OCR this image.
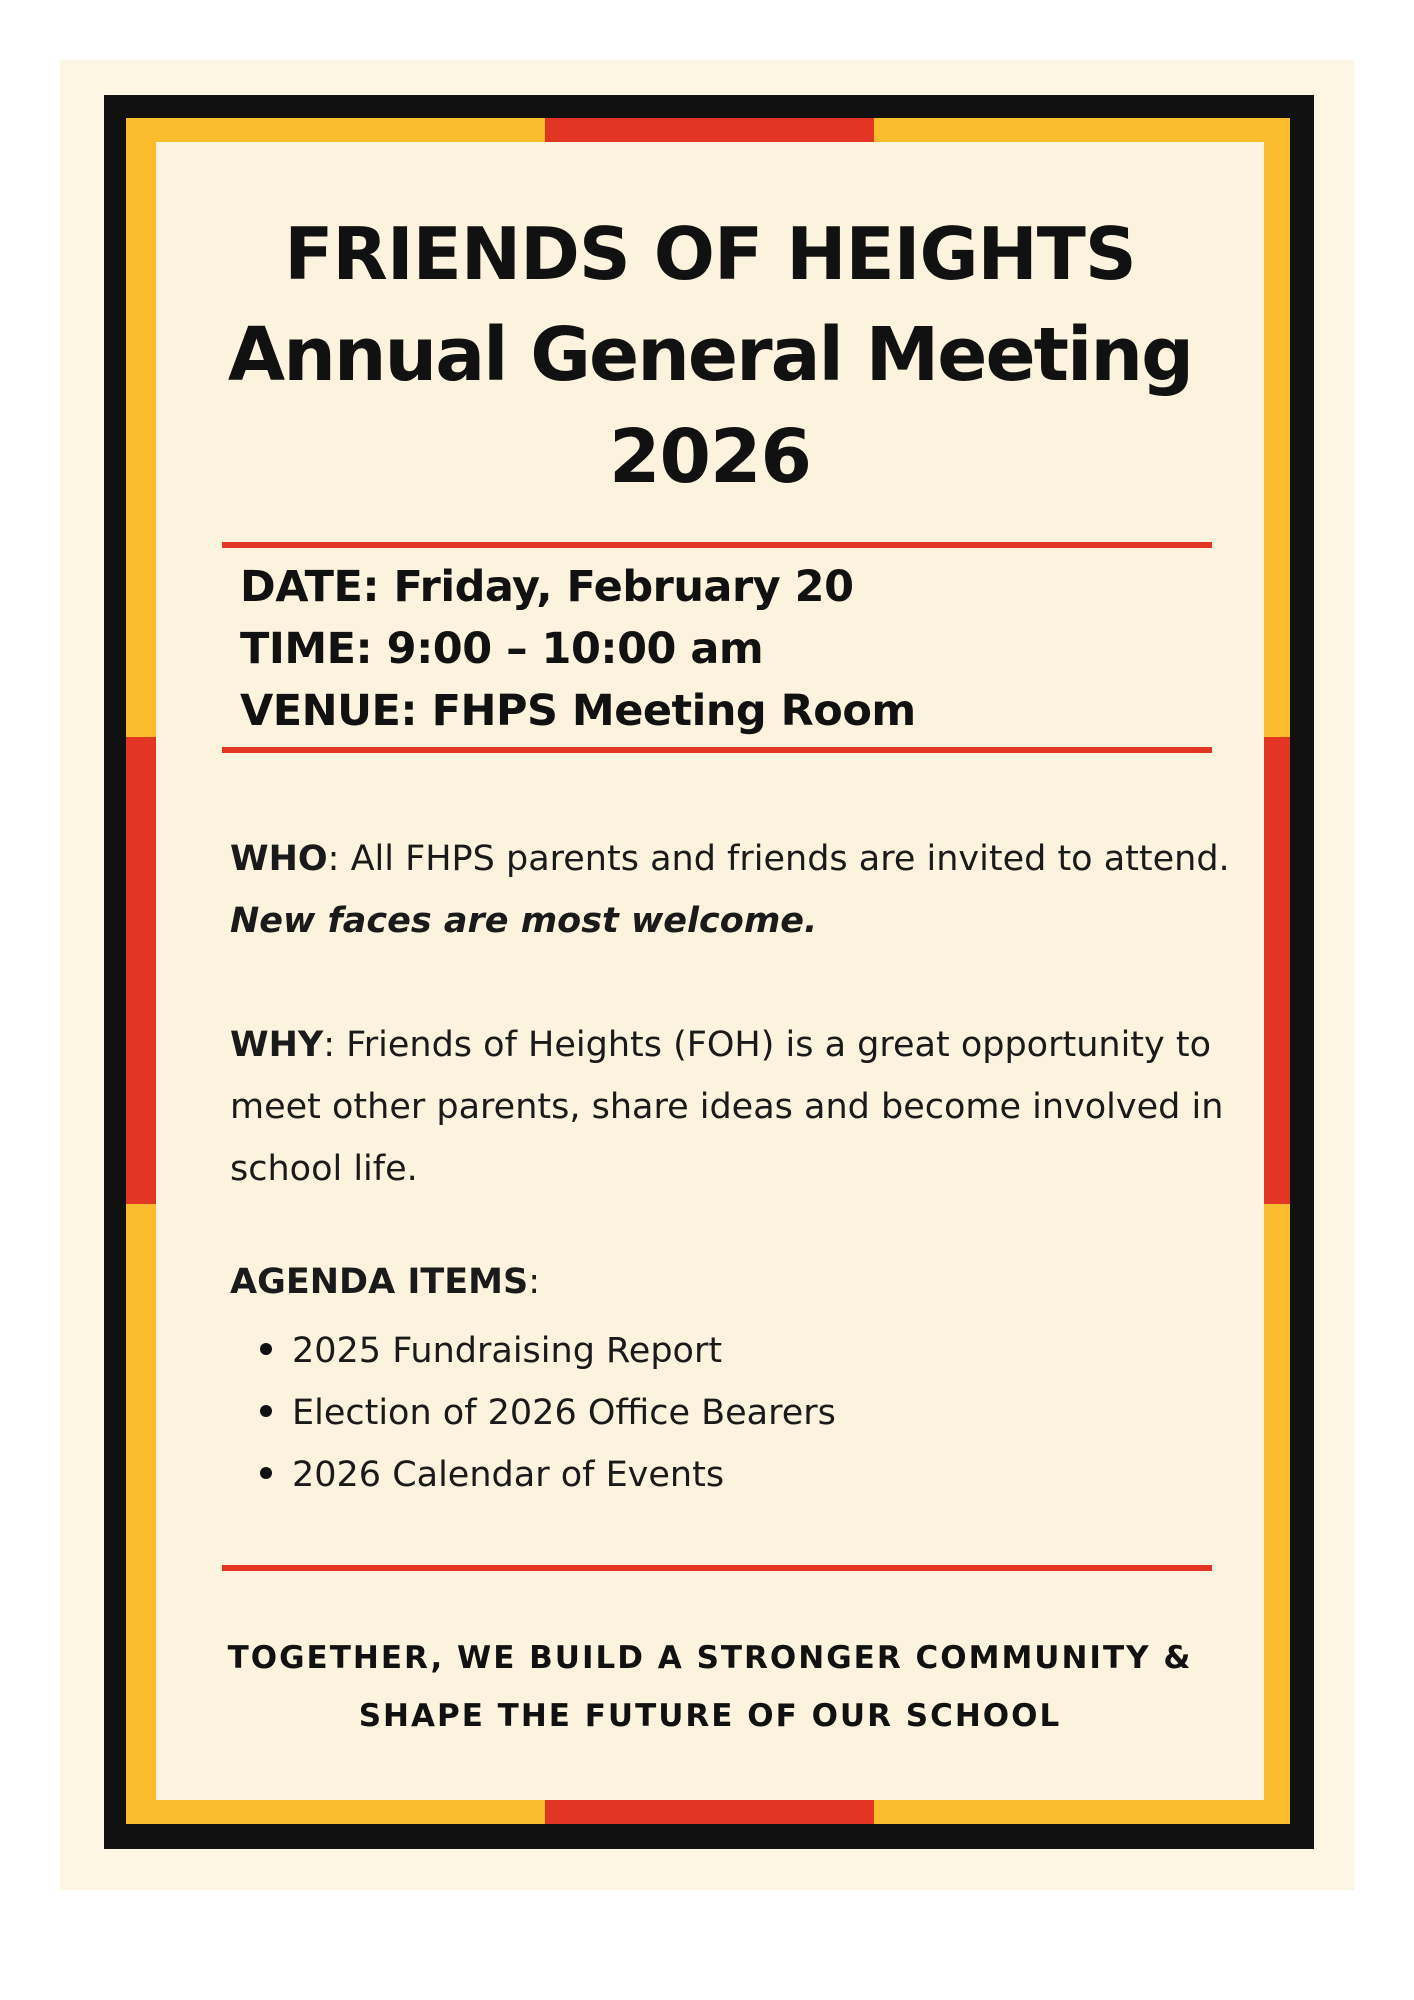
FRIENDS OF HEIGHTS
Annual General Meeting
2026
DATE: Friday, February 20
TIME: 9:00 – 10:00 am
VENUE: FHPS Meeting Room

WHO: All FHPS parents and friends are invited to attend. New faces are most welcome.

WHY: Friends of Heights (FOH) is a great opportunity to meet other parents, share ideas and become involved in school life.

AGENDA ITEMS:
2025 Fundraising Report
Election of 2026 Office Bearers
2026 Calendar of Events
TOGETHER, WE BUILD A STRONGER COMMUNITY &
SHAPE THE FUTURE OF OUR SCHOOL
